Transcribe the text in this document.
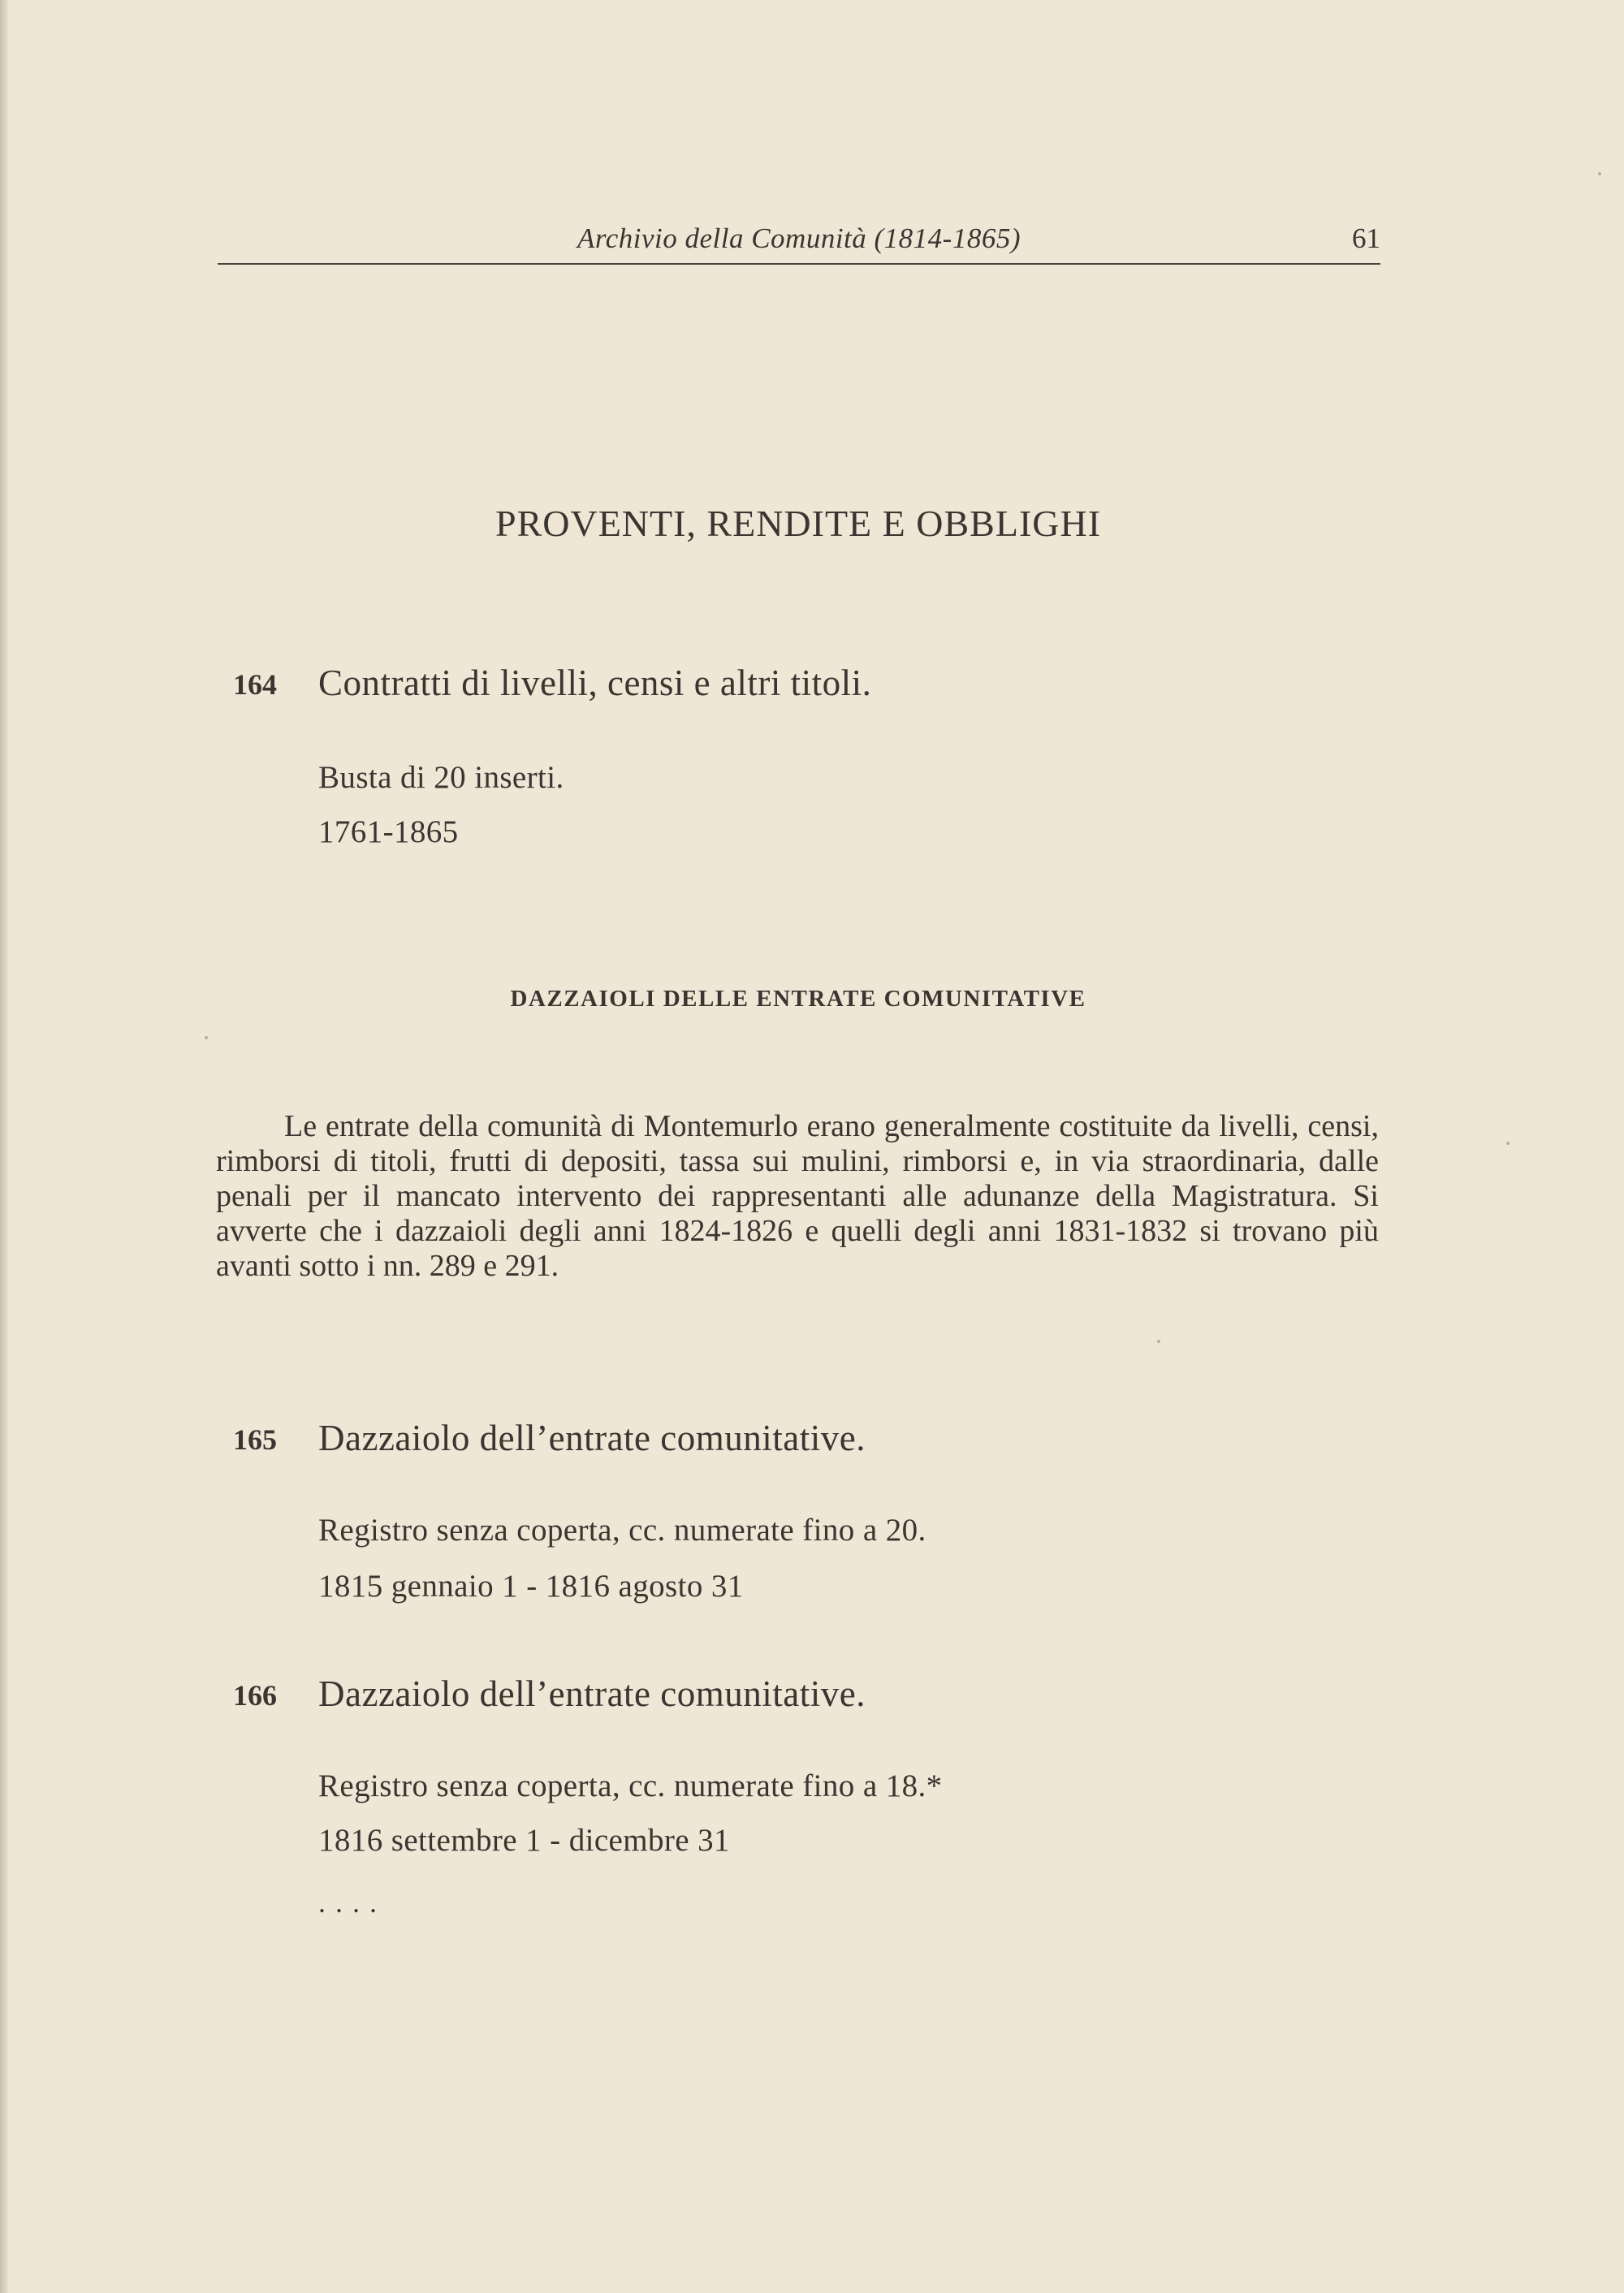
Archivio della Comunità (1814-1865)	61
PROVENTI, RENDITE E OBBLIGHI
164 Contratti di livelli, censi e altri titoli.
Busta di 20 inserti.
1761-1865
DAZZAIOLI DELLE ENTRATE COMUNITATIVE

Le entrate della comunità di Montemurlo erano generalmente costituite da livelli, censi, rimborsi di titoli, frutti di depositi, tassa sui mulini, rimborsi e, in via straordinaria, dalle penali per il mancato intervento dei rappresentanti alle adunanze della Magistratura. Si avverte che i dazzaioli degli anni 1824-1826 e quelli degli anni 1831-1832 si trovano più avanti sotto i nn. 289 e 291.

165 Dazzaiolo dell’entrate comunitative.
Registro senza coperta, cc. numerate fino a 20.
1815 gennaio 1 - 1816 agosto 31
166 Dazzaiolo dell’entrate comunitative.
Registro senza coperta, cc. numerate fino a 18.*
1816 settembre 1 - dicembre 31
....
